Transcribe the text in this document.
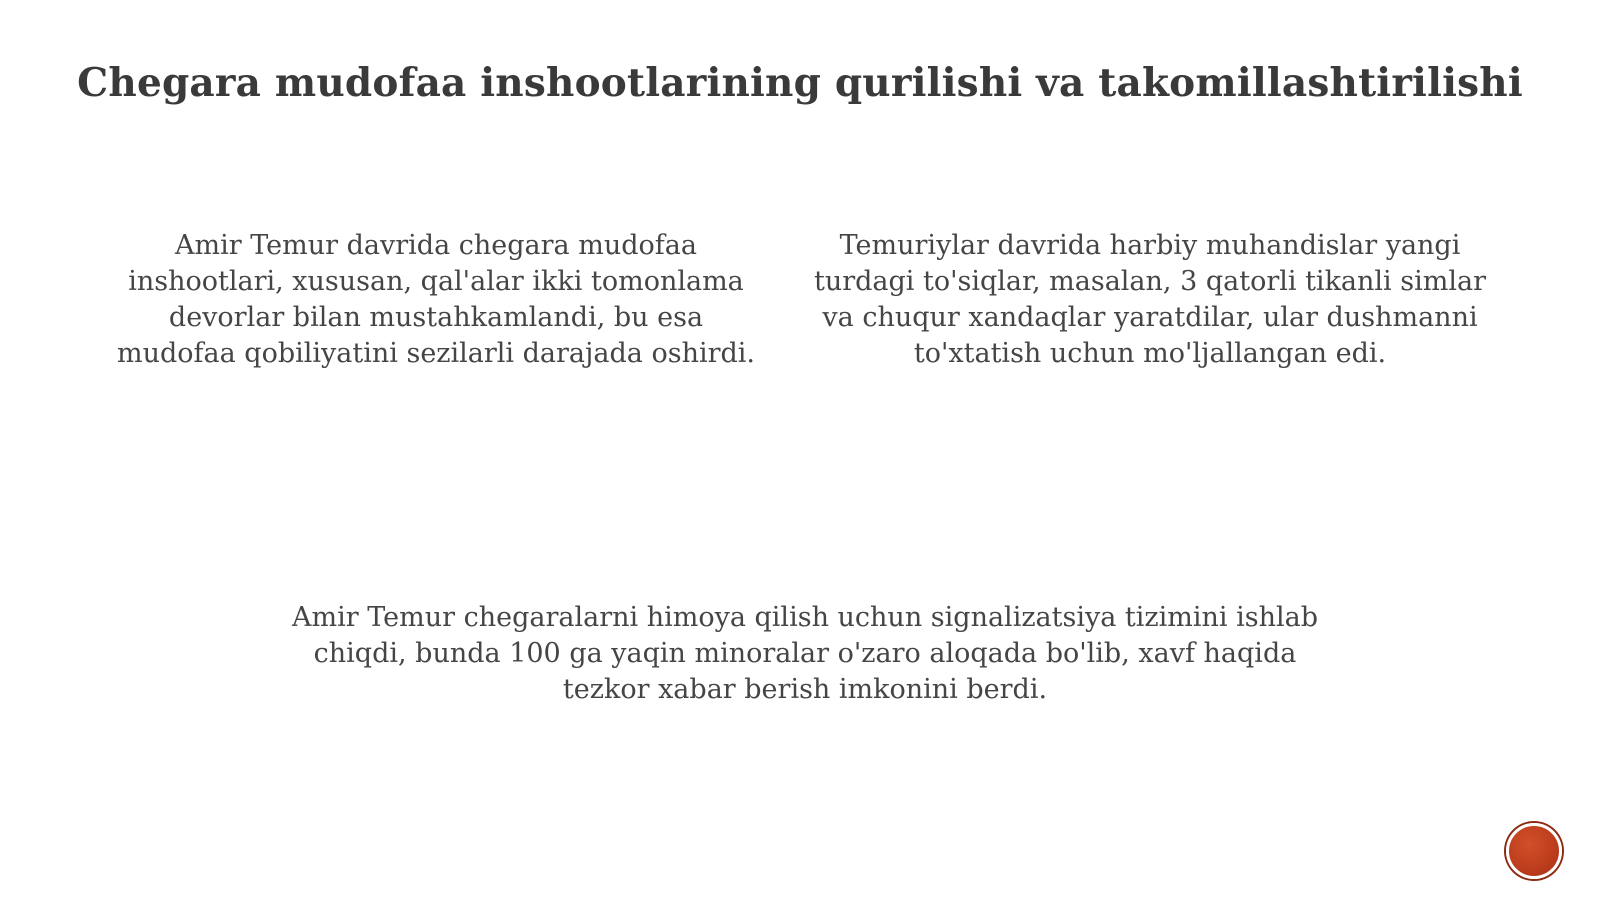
Chegara mudofaa inshootlarining qurilishi va takomillashtirilishi

Amir Temur davrida chegara mudofaa inshootlari, xususan, qal'alar ikki tomonlama devorlar bilan mustahkamlandi, bu esa mudofaa qobiliyatini sezilarli darajada oshirdi.

Temuriylar davrida harbiy muhandislar yangi turdagi to'siqlar, masalan, 3 qatorli tikanli simlar va chuqur xandaqlar yaratdilar, ular dushmanni to'xtatish uchun mo'ljallangan edi.

Amir Temur chegaralarni himoya qilish uchun signalizatsiya tizimini ishlab chiqdi, bunda 100 ga yaqin minoralar o'zaro aloqada bo'lib, xavf haqida tezkor xabar berish imkonini berdi.
